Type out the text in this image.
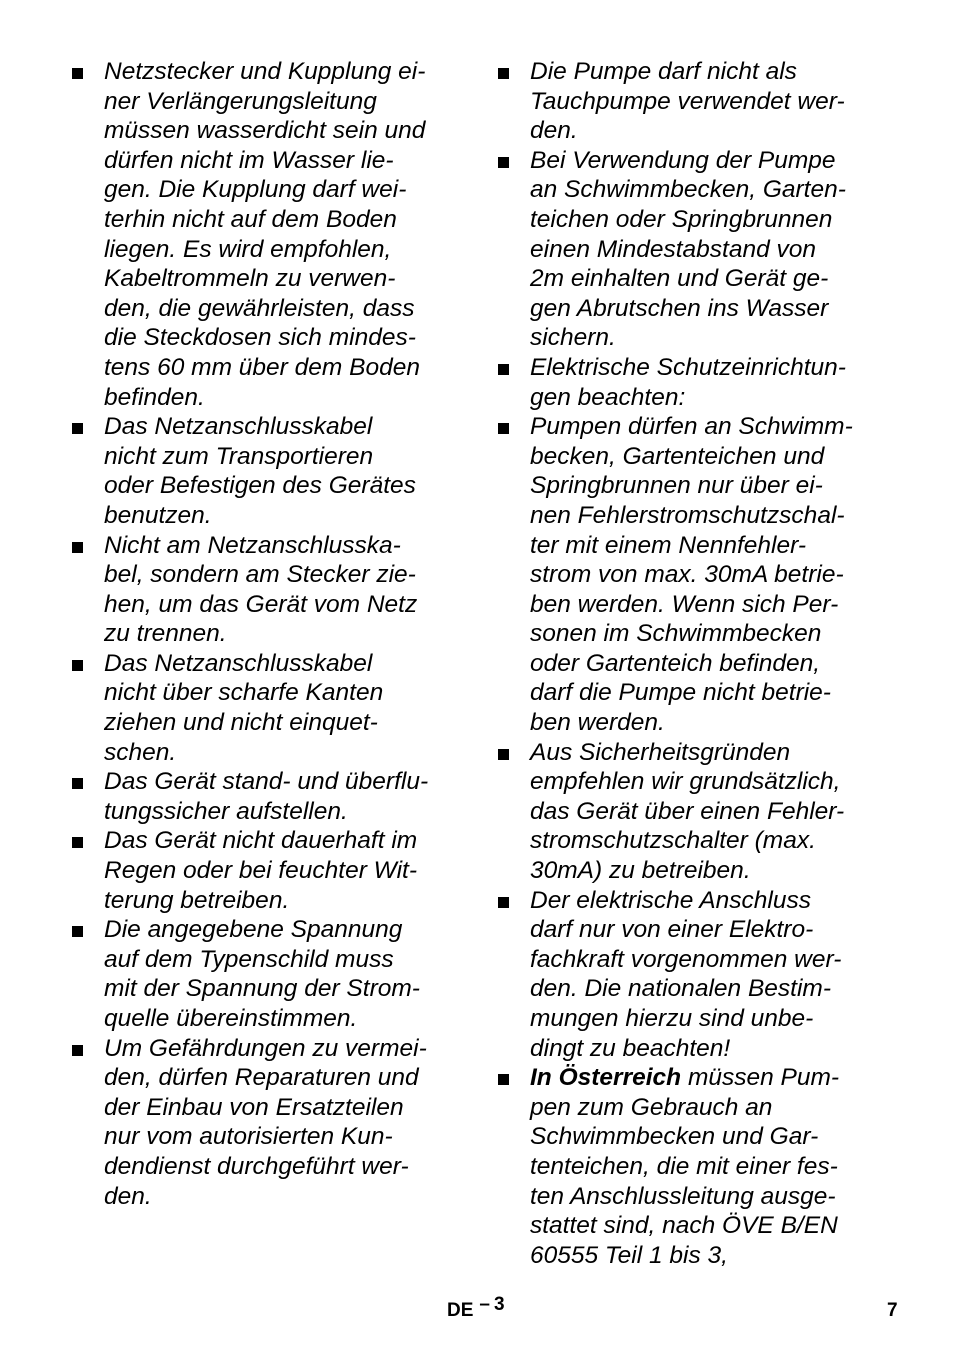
Netzstecker und Kupplung ei-
ner Verlängerungsleitung
müssen wasserdicht sein und
dürfen nicht im Wasser lie-
gen. Die Kupplung darf wei-
terhin nicht auf dem Boden
liegen. Es wird empfohlen,
Kabeltrommeln zu verwen-
den, die gewährleisten, dass
die Steckdosen sich mindes-
tens 60 mm über dem Boden
befinden.
Das Netzanschlusskabel
nicht zum Transportieren
oder Befestigen des Gerätes
benutzen.
Nicht am Netzanschlusska-
bel, sondern am Stecker zie-
hen, um das Gerät vom Netz
zu trennen.
Das Netzanschlusskabel
nicht über scharfe Kanten
ziehen und nicht einquet-
schen.
Das Gerät stand- und überflu-
tungssicher aufstellen.
Das Gerät nicht dauerhaft im
Regen oder bei feuchter Wit-
terung betreiben.
Die angegebene Spannung
auf dem Typenschild muss
mit der Spannung der Strom-
quelle übereinstimmen.
Um Gefährdungen zu vermei-
den, dürfen Reparaturen und
der Einbau von Ersatzteilen
nur vom autorisierten Kun-
dendienst durchgeführt wer-
den.
Die Pumpe darf nicht als
Tauchpumpe verwendet wer-
den.
Bei Verwendung der Pumpe
an Schwimmbecken, Garten-
teichen oder Springbrunnen
einen Mindestabstand von
2m einhalten und Gerät ge-
gen Abrutschen ins Wasser
sichern.
Elektrische Schutzeinrichtun-
gen beachten:
Pumpen dürfen an Schwimm-
becken, Gartenteichen und
Springbrunnen nur über ei-
nen Fehlerstromschutzschal-
ter mit einem Nennfehler-
strom von max. 30mA betrie-
ben werden. Wenn sich Per-
sonen im Schwimmbecken
oder Gartenteich befinden,
darf die Pumpe nicht betrie-
ben werden.
Aus Sicherheitsgründen
empfehlen wir grundsätzlich,
das Gerät über einen Fehler-
stromschutzschalter (max.
30mA) zu betreiben.
Der elektrische Anschluss
darf nur von einer Elektro-
fachkraft vorgenommen wer-
den. Die nationalen Bestim-
mungen hierzu sind unbe-
dingt zu beachten!
In Österreich müssen Pum-
pen zum Gebrauch an
Schwimmbecken und Gar-
tenteichen, die mit einer fes-
ten Anschlussleitung ausge-
stattet sind, nach ÖVE B/EN
60555 Teil 1 bis 3,
DE – 3	7
